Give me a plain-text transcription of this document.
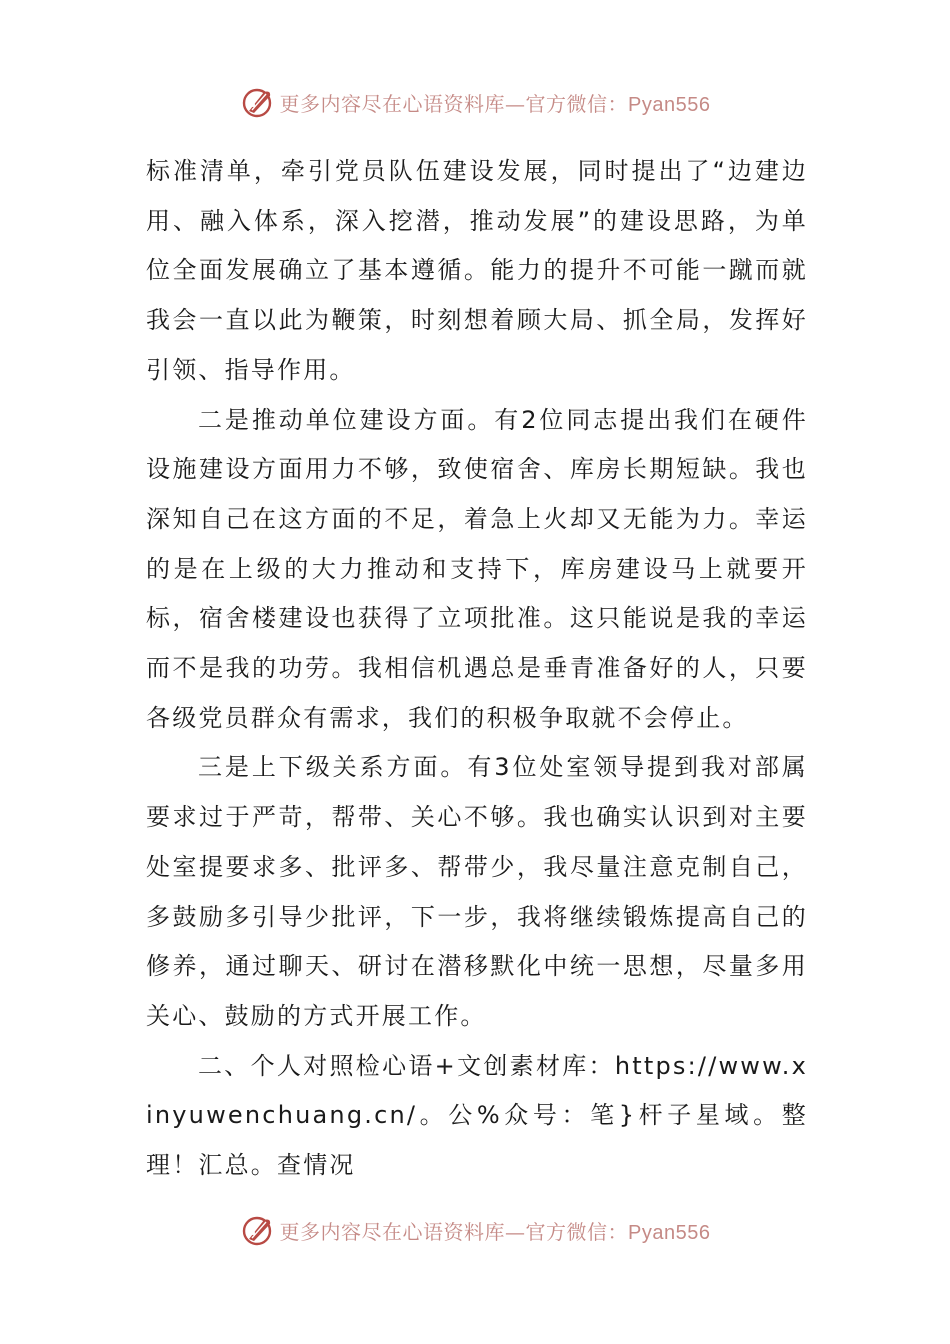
更多内容尽在心语资料库—官方微信：Pyan556

标准清单，牵引党员队伍建设发展，同时提出了“边建边用、融入体系，深入挖潜，推动发展”的建设思路，为单位全面发展确立了基本遵循。能力的提升不可能一蹴而就我会一直以此为鞭策，时刻想着顾大局、抓全局，发挥好引领、指导作用。

二是推动单位建设方面。有2位同志提出我们在硬件设施建设方面用力不够，致使宿舍、库房长期短缺。我也深知自己在这方面的不足，着急上火却又无能为力。幸运的是在上级的大力推动和支持下，库房建设马上就要开标，宿舍楼建设也获得了立项批准。这只能说是我的幸运而不是我的功劳。我相信机遇总是垂青准备好的人，只要各级党员群众有需求，我们的积极争取就不会停止。

三是上下级关系方面。有3位处室领导提到我对部属要求过于严苛，帮带、关心不够。我也确实认识到对主要处室提要求多、批评多、帮带少，我尽量注意克制自己，多鼓励多引导少批评，下一步，我将继续锻炼提高自己的修养，通过聊天、研讨在潜移默化中统一思想，尽量多用关心、鼓励的方式开展工作。

二、个人对照检心语+文创素材库：https://www.xinyuwenchuang.cn/。公%众号：笔}杆子星域。整理！汇总。查情况

更多内容尽在心语资料库—官方微信：Pyan556
